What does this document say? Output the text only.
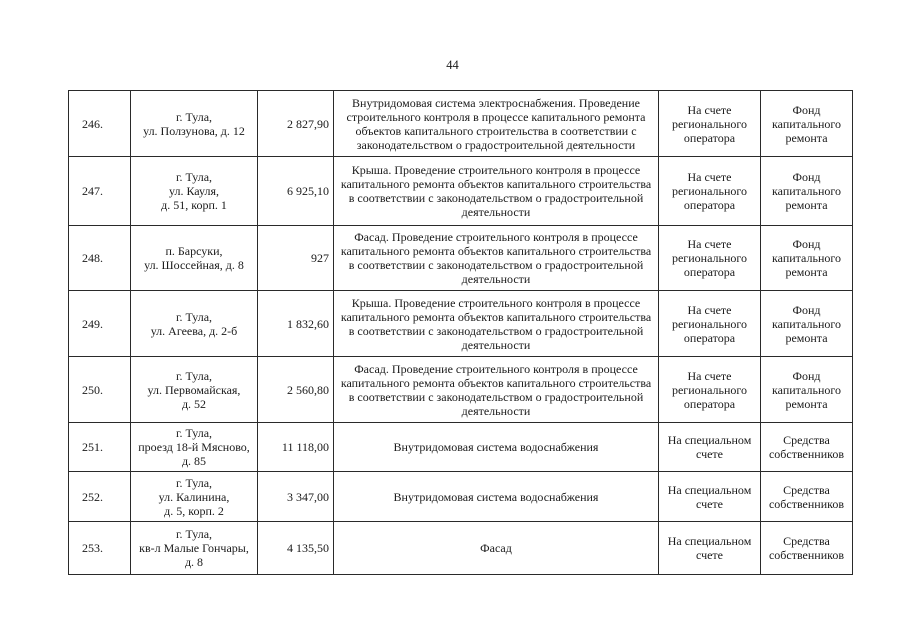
44
246.	г. Тула,
ул. Ползунова, д. 12	2 827,90	Внутридомовая система электроснабжения. Проведение строительного контроля в процессе капитального ремонта объектов капитального строительства в соответствии с законодательством о градостроительной деятельности	На счете регионального оператора	Фонд капитального ремонта
247.	г. Тула,
ул. Кауля,
д. 51, корп. 1	6 925,10	Крыша. Проведение строительного контроля в процессе капитального ремонта объектов капитального строительства в соответствии с законодательством о градостроительной деятельности	На счете регионального оператора	Фонд капитального ремонта
248.	п. Барсуки,
ул. Шоссейная, д. 8	927	Фасад. Проведение строительного контроля в процессе капитального ремонта объектов капитального строительства в соответствии с законодательством о градостроительной деятельности	На счете регионального оператора	Фонд капитального ремонта
249.	г. Тула,
ул. Агеева, д. 2-б	1 832,60	Крыша. Проведение строительного контроля в процессе капитального ремонта объектов капитального строительства в соответствии с законодательством о градостроительной деятельности	На счете регионального оператора	Фонд капитального ремонта
250.	г. Тула,
ул. Первомайская,
д. 52	2 560,80	Фасад. Проведение строительного контроля в процессе капитального ремонта объектов капитального строительства в соответствии с законодательством о градостроительной деятельности	На счете регионального оператора	Фонд капитального ремонта
251.	г. Тула,
проезд 18-й Мясново,
д. 85	11 118,00	Внутридомовая система водоснабжения	На специальном счете	Средства собственников
252.	г. Тула,
ул. Калинина,
д. 5, корп. 2	3 347,00	Внутридомовая система водоснабжения	На специальном счете	Средства собственников
253.	г. Тула,
кв-л Малые Гончары,
д. 8	4 135,50	Фасад	На специальном счете	Средства собственников
